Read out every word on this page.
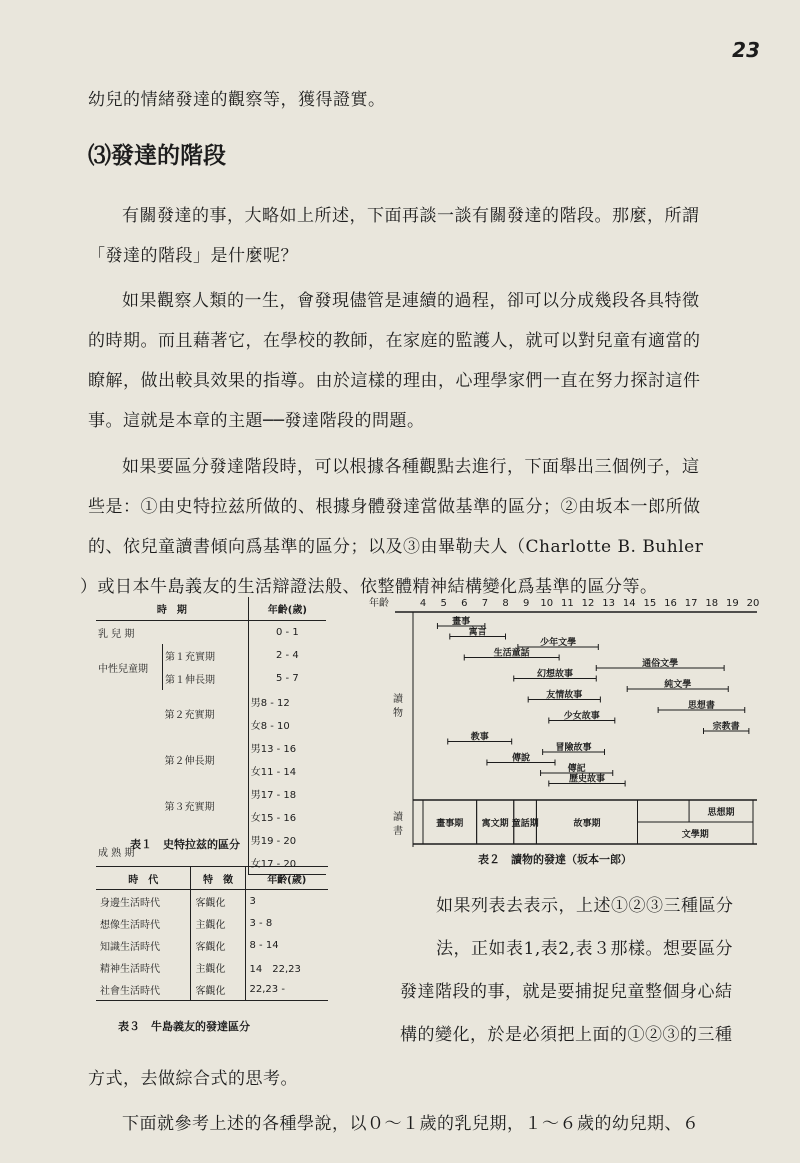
23

幼兒的情緒發達的觀察等，獲得證實。

⑶發達的階段

有關發達的事，大略如上所述，下面再談一談有關發達的階段。那麼，所謂

「發達的階段」是什麼呢？

如果觀察人類的一生，會發現儘管是連續的過程，卻可以分成幾段各具特徵

的時期。而且藉著它，在學校的教師，在家庭的監護人，就可以對兒童有適當的

瞭解，做出較具效果的指導。由於這樣的理由，心理學家們一直在努力探討這件

事。這就是本章的主題──發達階段的問題。

如果要區分發達階段時，可以根據各種觀點去進行，下面舉出三個例子，這

些是：①由史特拉兹所做的、根據身體發達當做基準的區分；②由坂本一郎所做

的、依兒童讀書傾向爲基準的區分；以及③由畢勒夫人（Charlotte B. Buhler

）或日本牛島義友的生活辯證法般、依整體精神結構變化爲基準的區分等。

時　期		年齡(歲)
乳 兒 期		0 - 1
中性兒童期	第１充實期	2 - 4
	第１伸長期	5 - 7
	第２充實期	男8 - 12
		女8 - 10
	第２伸長期	男13 - 16
		女11 - 14
	第３充實期	男17 - 18
		女15 - 16
成 熟 期		男19 - 20
		女17 - 20
表１　史特拉兹的區分
時　代	特　徵	年齡(歲)
身邊生活時代	客觀化	3
想像生活時代	主觀化	3 - 8
知識生活時代	客觀化	8 - 14
精神生活時代	主觀化	14　22,23
社會生活時代	客觀化	22,23 -
表３　牛島義友的發達區分
年齡	4 5 6 7 8 9 10 11 12 13 14 15 16 17 18 19 20
讀物
讀書
畫事
寓言
少年文學
生活童話
通俗文學
幻想故事
純文學
友情故事
思想書
少女故事
宗教書
教事
冒險故事
傳說
傳記
歷史故事
畫事期 寓文期 童話期	故事期
思想期
文學期
表２　讀物的發達（坂本一郎）

如果列表去表示，上述①②③三種區分

法，正如表1,表2,表３那樣。想要區分

發達階段的事，就是要捕捉兒童整個身心結

構的變化，於是必須把上面的①②③的三種

方式，去做綜合式的思考。

下面就參考上述的各種學說，以０～１歲的乳兒期，１～６歲的幼兒期、６
